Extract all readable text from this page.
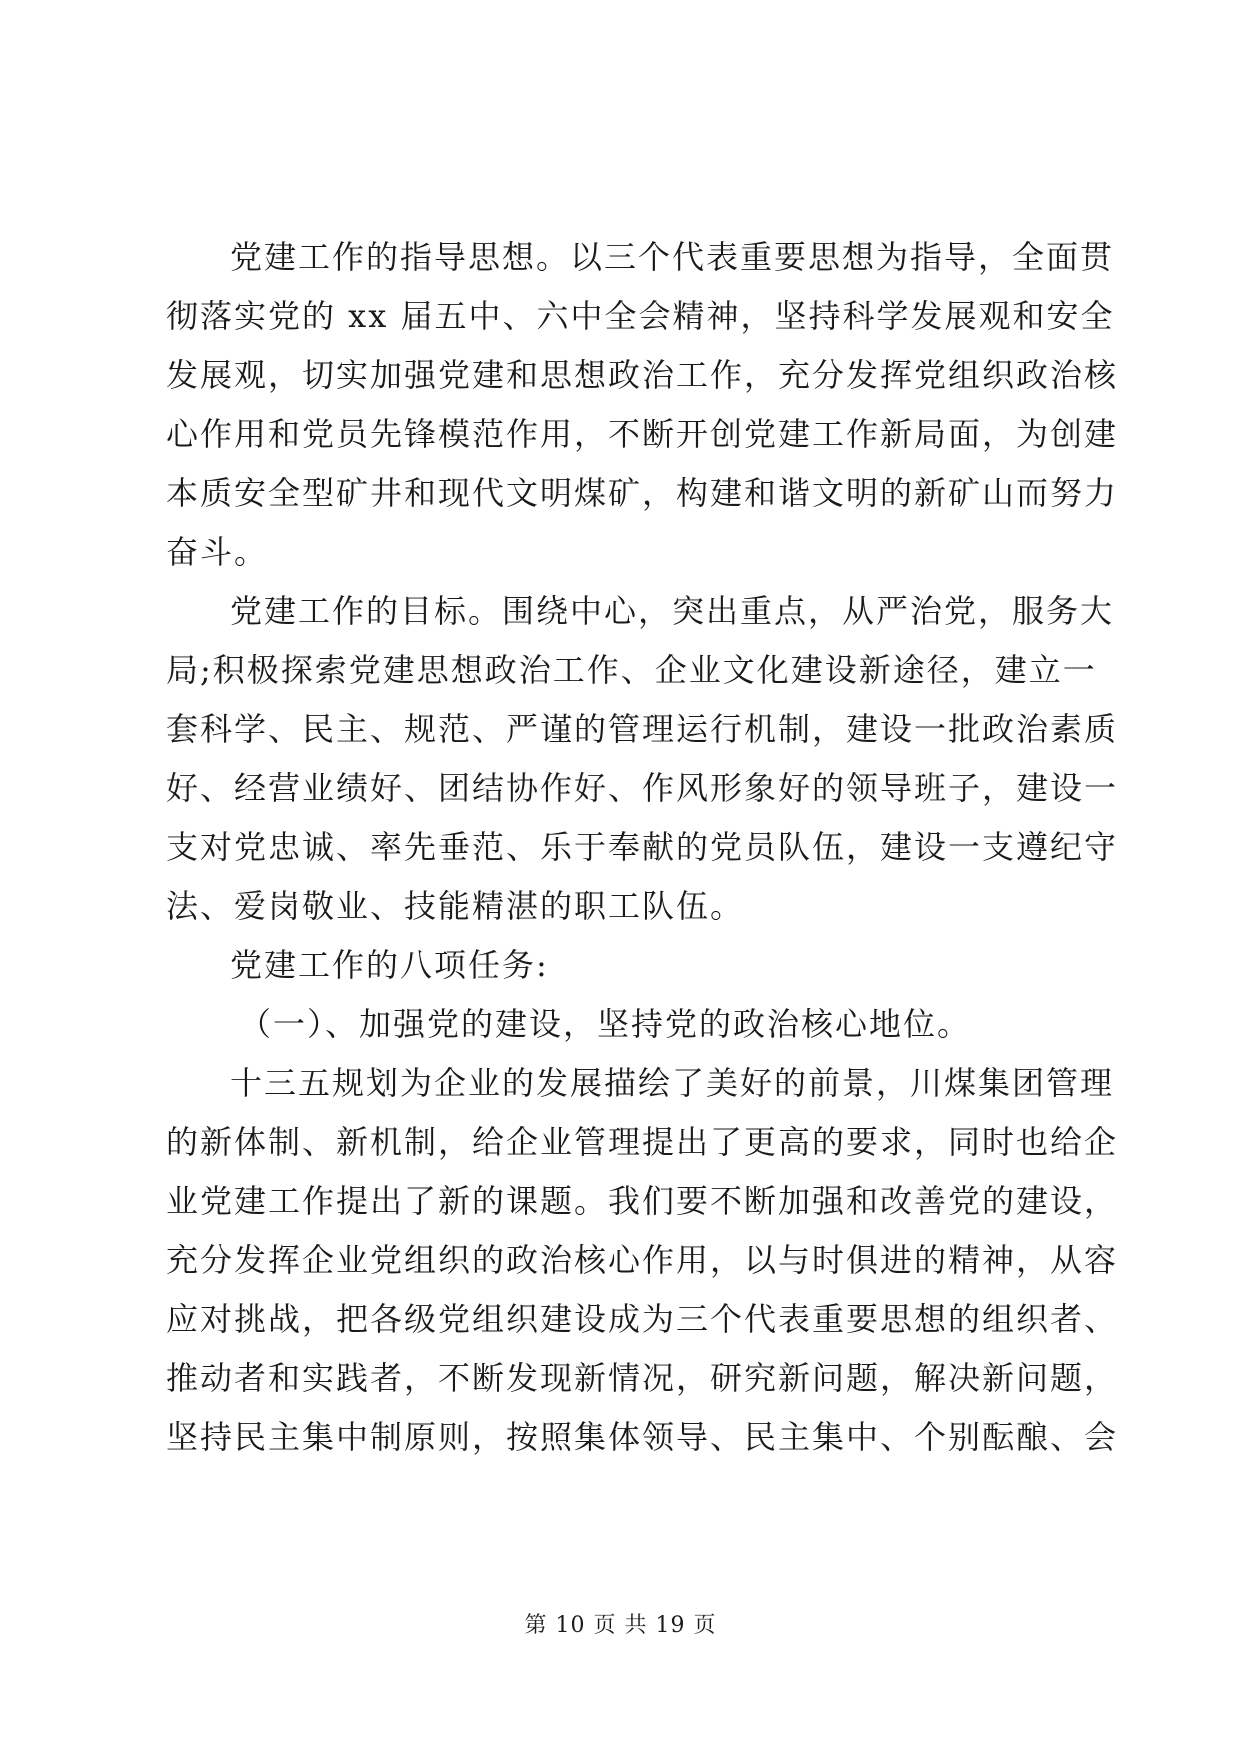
党建工作的指导思想。以三个代表重要思想为指导，全面贯
彻落实党的 xx 届五中、六中全会精神，坚持科学发展观和安全
发展观，切实加强党建和思想政治工作，充分发挥党组织政治核
心作用和党员先锋模范作用，不断开创党建工作新局面，为创建
本质安全型矿井和现代文明煤矿，构建和谐文明的新矿山而努力
奋斗。
党建工作的目标。围绕中心，突出重点，从严治党，服务大
局;积极探索党建思想政治工作、企业文化建设新途径，建立一
套科学、民主、规范、严谨的管理运行机制，建设一批政治素质
好、经营业绩好、团结协作好、作风形象好的领导班子，建设一
支对党忠诚、率先垂范、乐于奉献的党员队伍，建设一支遵纪守
法、爱岗敬业、技能精湛的职工队伍。
党建工作的八项任务:
（一）、加强党的建设，坚持党的政治核心地位。
十三五规划为企业的发展描绘了美好的前景，川煤集团管理
的新体制、新机制，给企业管理提出了更高的要求，同时也给企
业党建工作提出了新的课题。我们要不断加强和改善党的建设，
充分发挥企业党组织的政治核心作用，以与时俱进的精神，从容
应对挑战，把各级党组织建设成为三个代表重要思想的组织者、
推动者和实践者，不断发现新情况，研究新问题，解决新问题，
坚持民主集中制原则，按照集体领导、民主集中、个别酝酿、会
第 10 页 共 19 页
